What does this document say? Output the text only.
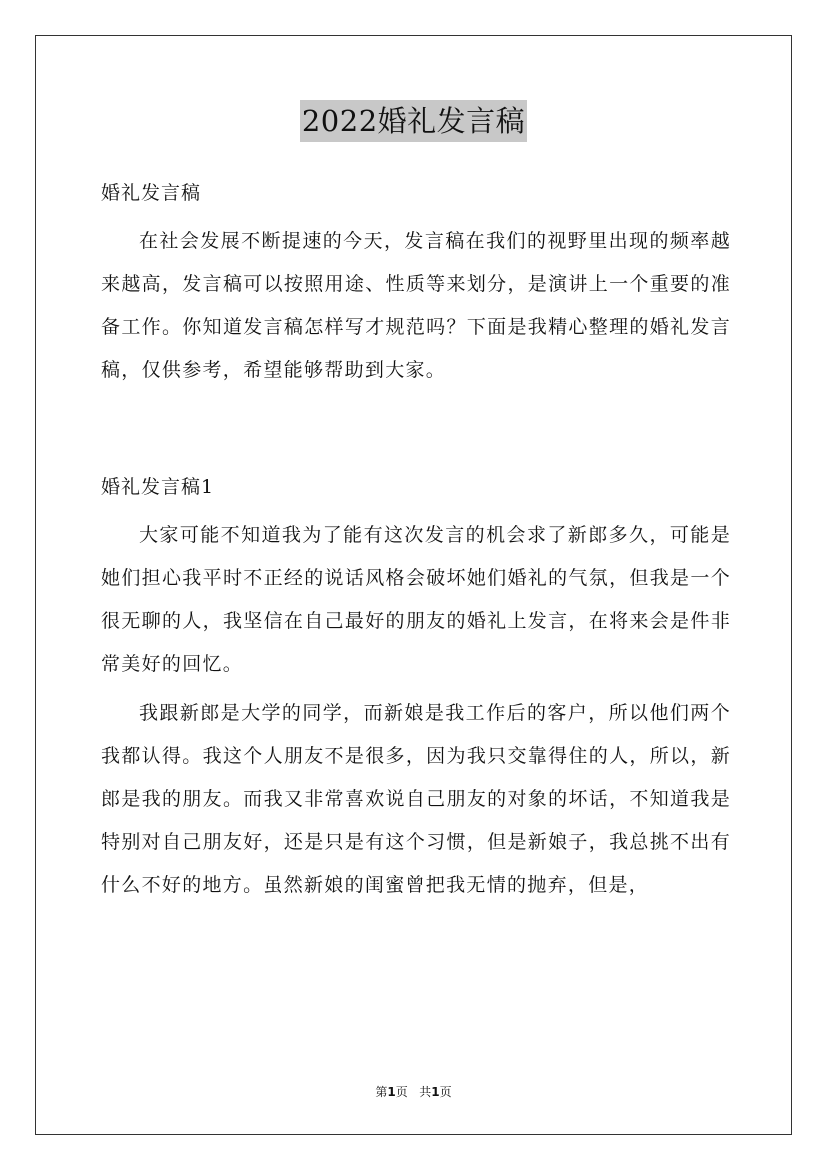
2022婚礼发言稿

婚礼发言稿

在社会发展不断提速的今天，发言稿在我们的视野里出现的频率越来越高，发言稿可以按照用途、性质等来划分，是演讲上一个重要的准备工作。你知道发言稿怎样写才规范吗？下面是我精心整理的婚礼发言稿，仅供参考，希望能够帮助到大家。

婚礼发言稿1

大家可能不知道我为了能有这次发言的机会求了新郎多久，可能是她们担心我平时不正经的说话风格会破坏她们婚礼的气氛，但我是一个很无聊的人，我坚信在自己最好的朋友的婚礼上发言，在将来会是件非常美好的回忆。

我跟新郎是大学的同学，而新娘是我工作后的客户，所以他们两个我都认得。我这个人朋友不是很多，因为我只交靠得住的人，所以，新郎是我的朋友。而我又非常喜欢说自己朋友的对象的坏话，不知道我是特别对自己朋友好，还是只是有这个习惯，但是新娘子，我总挑不出有什么不好的地方。虽然新娘的闺蜜曾把我无情的抛弃，但是，

第1页 共1页
